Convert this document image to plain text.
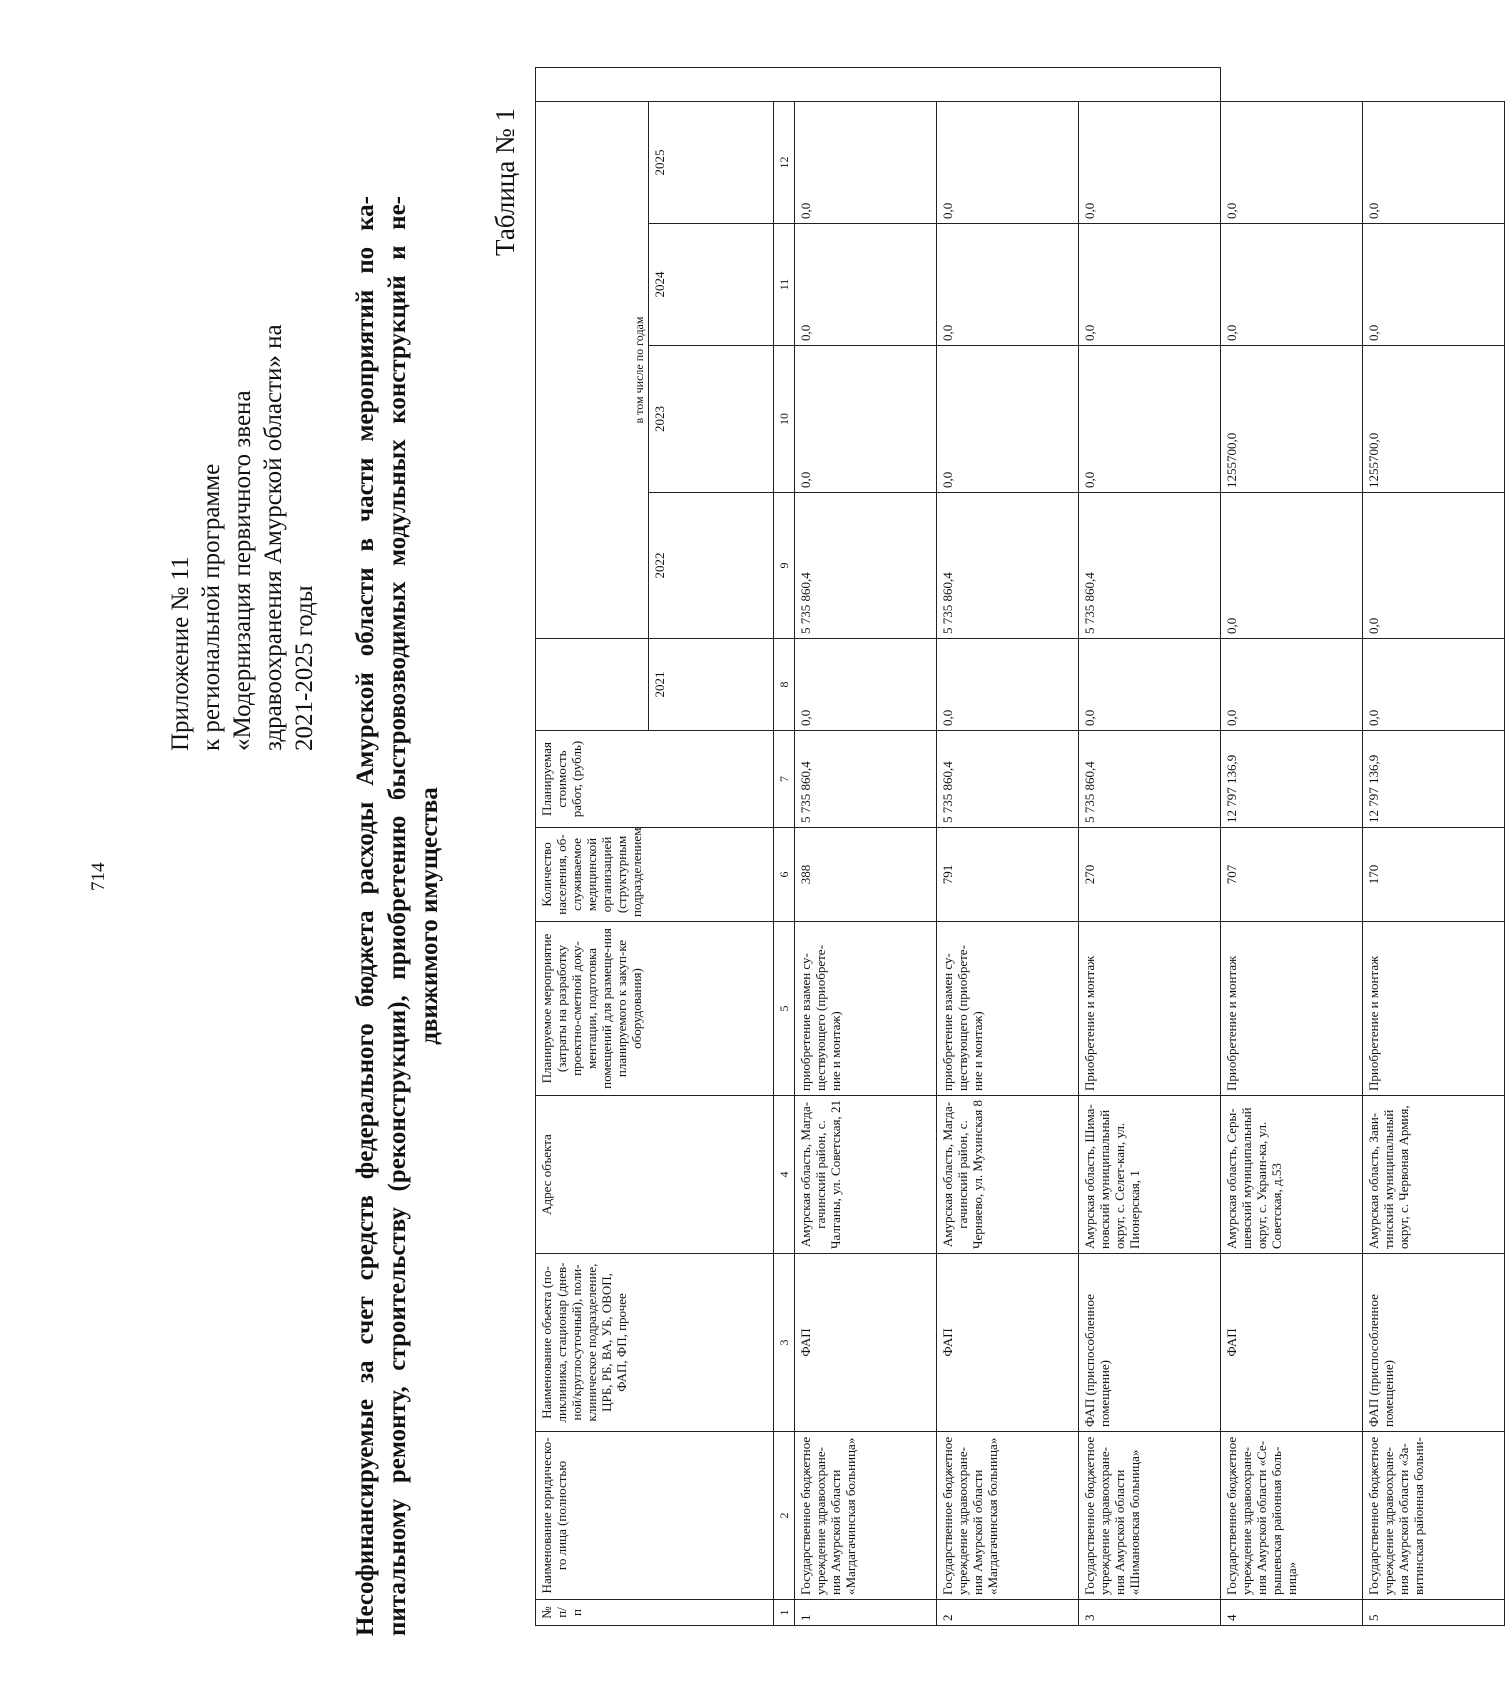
714
Приложение № 11 к региональной программе «Модернизация первичного звена здравоохранения Амурской области» на 2021-2025 годы Несофинансируемые за счет средств федерального бюджета расходы Амурской области в части мероприятий по ка- питальному ремонту, строительству (реконструкции), приобретению быстровозводимых модульных конструкций и не- движимого имущества
Таблица № 1
№ п/п	Наименование юридическо-го лица (полностью	Наименование объекта (по-ликлиника, стационар (днев-ной/круглосуточный), поли-клиническое подразделение, ЦРБ, РБ, ВА, УБ, ОВОП, ФАП, ФП, прочее	Адрес объекта	Планируемое мероприятие (затраты на разработку проектно-сметной доку-ментации, подготовка помещений для размеще-ния планируемого к закуп-ке оборудования)	Количество населения, об-служиваемое медицинской организацией (структурным подразделением	Планируемая стоимость работ, (рубль)		в том числе по годам				
							2021	2022	2023	2024	2025	
1	2	3	4	5	6	7	8	9	10	11	12	
1	Государственное бюджетное учреждение здравоохране-ния Амурской области «Магдагачинская больница»	ФАП	Амурская область, Магда-гачинский район, с. Чалганы, ул. Советская, 21	приобретение взамен су-ществующего (приобрете-ние и монтаж)	388	5 735 860,4	0,0	5 735 860,4	0,0	0,0	0,0	
2	Государственное бюджетное учреждение здравоохране-ния Амурской области «Магдагачинская больница»	ФАП	Амурская область, Магда-гачинский район, с. Черняево, ул. Мухинская 8	приобретение взамен су-ществующего (приобрете-ние и монтаж)	791	5 735 860,4	0,0	5 735 860,4	0,0	0,0	0,0	
3	Государственное бюджетное учреждение здравоохране-ния Амурской области «Шимановская больница»	ФАП (приспособленное помещение)	Амурская область, Шима-новский муниципальный округ, с. Селет-кан, ул. Пионерская, 1	Приобретение и монтаж	270	5 735 860,4	0,0	5 735 860,4	0,0	0,0	0,0	
4	Государственное бюджетное учреждение здравоохране-ния Амурской области «Се-рышевская районная боль-ница»	ФАП	Амурская область, Серы-шевский муниципальный округ, с. Украин-ка, ул. Советская, д.53	Приобретение и монтаж	707	12 797 136,9	0,0	0,0	1255700,0	0,0	0,0	
5	Государственное бюджетное учреждение здравоохране-ния Амурской области «За-витинская районная больни-	ФАП (приспособленное помещение)	Амурская область, Зави-тинский муниципальный округ, с. Червоная Армия,	Приобретение и монтаж	170	12 797 136,9	0,0	0,0	1255700,0	0,0	0,0	
